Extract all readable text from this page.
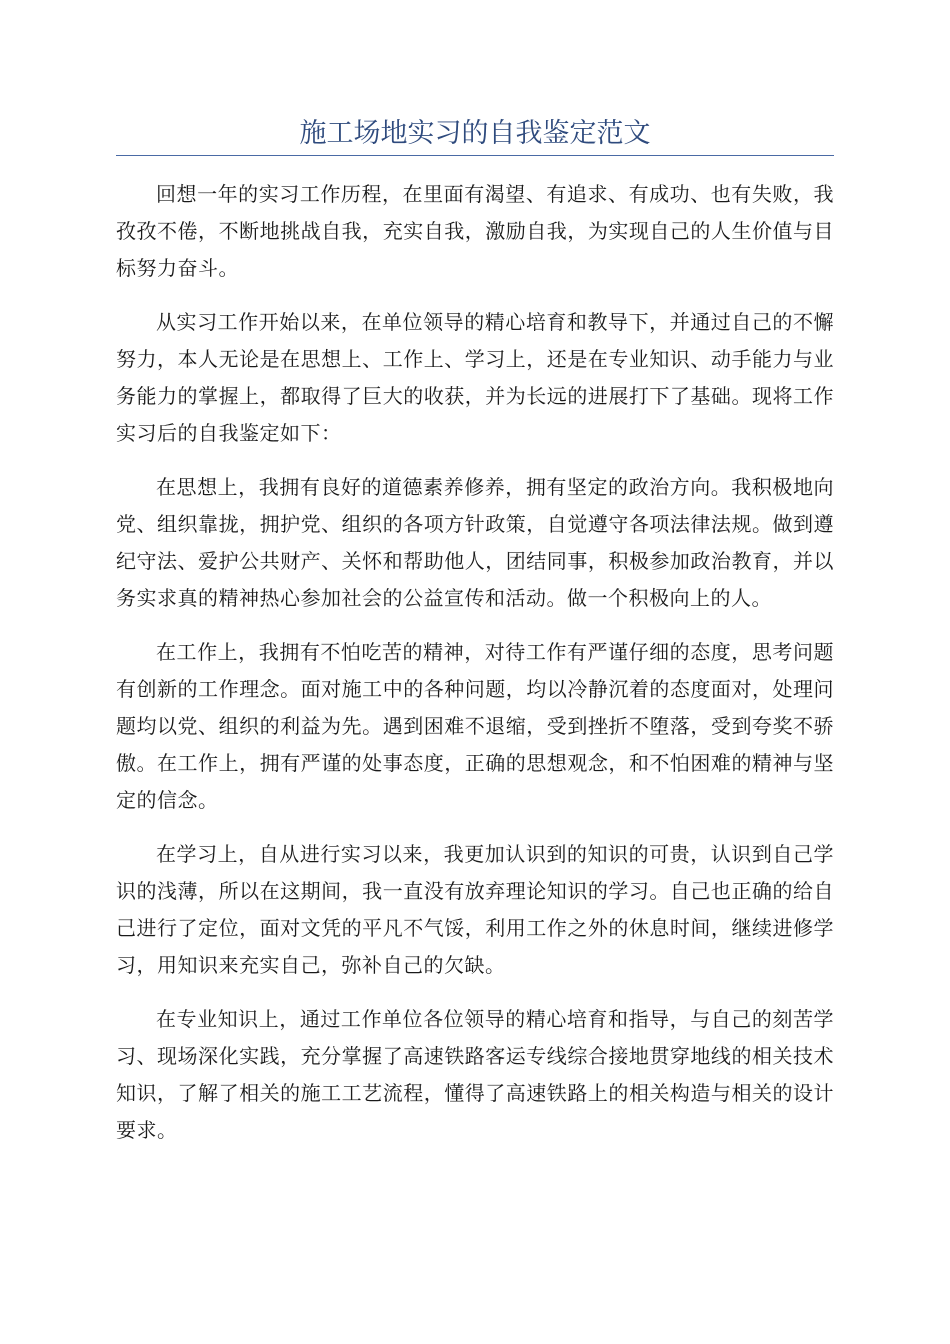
施工场地实习的自我鉴定范文

回想一年的实习工作历程，在里面有渴望、有追求、有成功、也有失败，我孜孜不倦，不断地挑战自我，充实自我，激励自我，为实现自己的人生价值与目标努力奋斗。

从实习工作开始以来，在单位领导的精心培育和教导下，并通过自己的不懈努力，本人无论是在思想上、工作上、学习上，还是在专业知识、动手能力与业务能力的掌握上，都取得了巨大的收获，并为长远的进展打下了基础。现将工作实习后的自我鉴定如下：

在思想上，我拥有良好的道德素养修养，拥有坚定的政治方向。我积极地向党、组织靠拢，拥护党、组织的各项方针政策，自觉遵守各项法律法规。做到遵纪守法、爱护公共财产、关怀和帮助他人，团结同事，积极参加政治教育，并以务实求真的精神热心参加社会的公益宣传和活动。做一个积极向上的人。

在工作上，我拥有不怕吃苦的精神，对待工作有严谨仔细的态度，思考问题有创新的工作理念。面对施工中的各种问题，均以冷静沉着的态度面对，处理问题均以党、组织的利益为先。遇到困难不退缩，受到挫折不堕落，受到夸奖不骄傲。在工作上，拥有严谨的处事态度，正确的思想观念，和不怕困难的精神与坚定的信念。

在学习上，自从进行实习以来，我更加认识到的知识的可贵，认识到自己学识的浅薄，所以在这期间，我一直没有放弃理论知识的学习。自己也正确的给自己进行了定位，面对文凭的平凡不气馁，利用工作之外的休息时间，继续进修学习，用知识来充实自己，弥补自己的欠缺。

在专业知识上，通过工作单位各位领导的精心培育和指导，与自己的刻苦学习、现场深化实践，充分掌握了高速铁路客运专线综合接地贯穿地线的相关技术知识，了解了相关的施工工艺流程，懂得了高速铁路上的相关构造与相关的设计要求。
